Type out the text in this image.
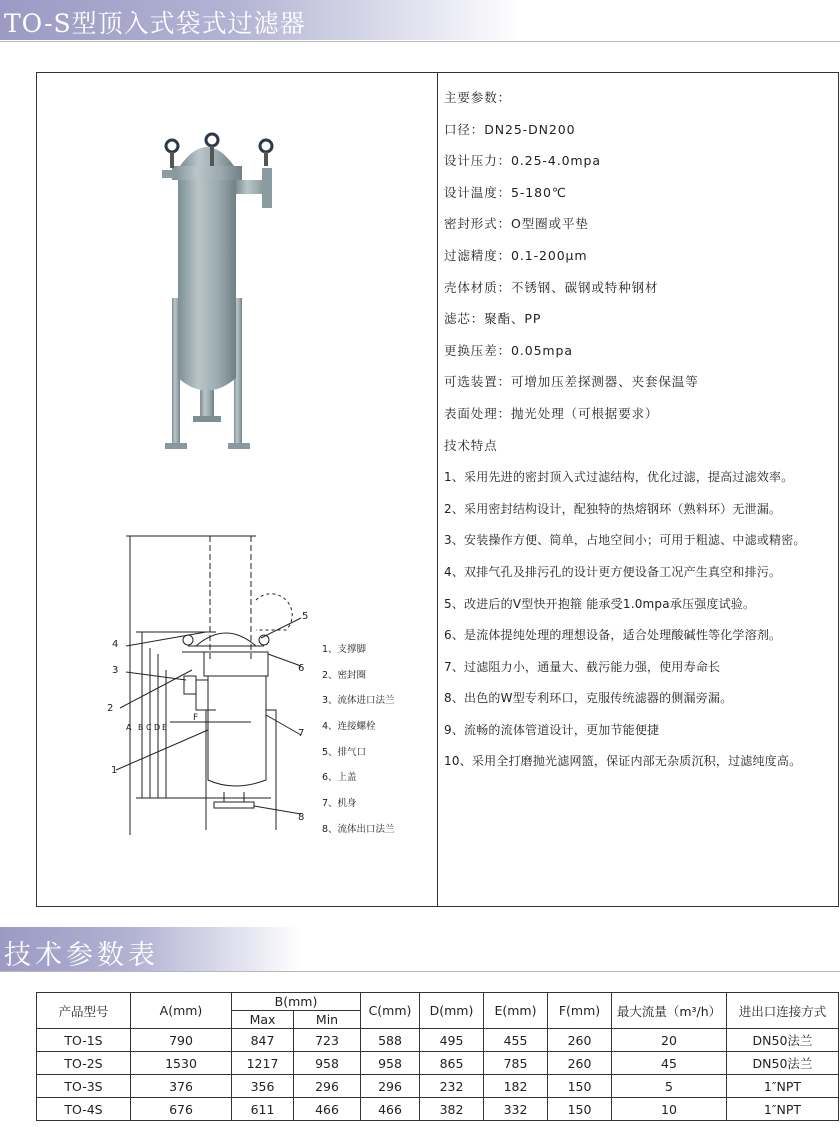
TO-S型顶入式袋式过滤器
F
A B C D E
4
3
2
1
5
6
7
8
1、支撑脚
2、密封圈
3、流体进口法兰
4、连接螺栓
5、排气口
6、上盖
7、机身
8、流体出口法兰
主要参数：
口径：DN25-DN200
设计压力：0.25-4.0mpa
设计温度：5-180℃
密封形式：O型圈或平垫
过滤精度：0.1-200μm
壳体材质：不锈钢、碳钢或特种钢材
滤芯：聚酯、PP
更换压差：0.05mpa
可选装置：可增加压差探测器、夹套保温等
表面处理：抛光处理（可根据要求）
技术特点
1、采用先进的密封顶入式过滤结构，优化过滤，提高过滤效率。
2、采用密封结构设计，配独特的热熔钢环（熟料环）无泄漏。
3、安装操作方便、简单，占地空间小；可用于粗滤、中滤或精密。
4、双排气孔及排污孔的设计更方便设备工况产生真空和排污。
5、改进后的V型快开抱箍 能承受1.0mpa承压强度试验。
6、是流体提纯处理的理想设备，适合处理酸碱性等化学溶剂。
7、过滤阻力小，通量大、截污能力强，使用寿命长
8、出色的W型专利环口，克服传统滤器的侧漏旁漏。
9、流畅的流体管道设计，更加节能便捷
10、采用全打磨抛光滤网篮，保证内部无杂质沉积，过滤纯度高。
技术参数表
产品型号	A(mm)	B(mm)		C(mm)	D(mm)	E(mm)	F(mm)	最大流量（m³/h）	进出口连接方式
		Max	Min						
TO-1S	790	847	723	588	495	455	260	20	DN50法兰
TO-2S	1530	1217	958	958	865	785	260	45	DN50法兰
TO-3S	376	356	296	296	232	182	150	5	1″NPT
TO-4S	676	611	466	466	382	332	150	10	1″NPT
